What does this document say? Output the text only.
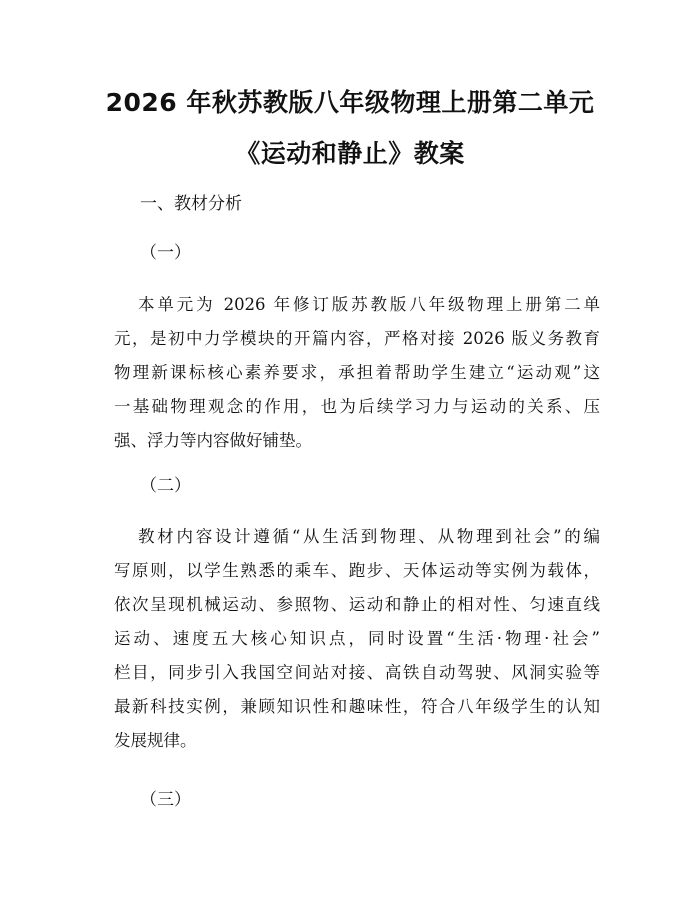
2026 年秋苏教版八年级物理上册第二单元
《运动和静止》教案
一、教材分析
（一）
本单元为 2026 年修订版苏教版八年级物理上册第二单
元，是初中力学模块的开篇内容，严格对接 2026 版义务教育
物理新课标核心素养要求，承担着帮助学生建立“运动观”这
一基础物理观念的作用，也为后续学习力与运动的关系、压
强、浮力等内容做好铺垫。
（二）
教材内容设计遵循“从生活到物理、从物理到社会”的编
写原则，以学生熟悉的乘车、跑步、天体运动等实例为载体，
依次呈现机械运动、参照物、运动和静止的相对性、匀速直线
运动、速度五大核心知识点，同时设置“生活·物理·社会”
栏目，同步引入我国空间站对接、高铁自动驾驶、风洞实验等
最新科技实例，兼顾知识性和趣味性，符合八年级学生的认知
发展规律。
（三）
